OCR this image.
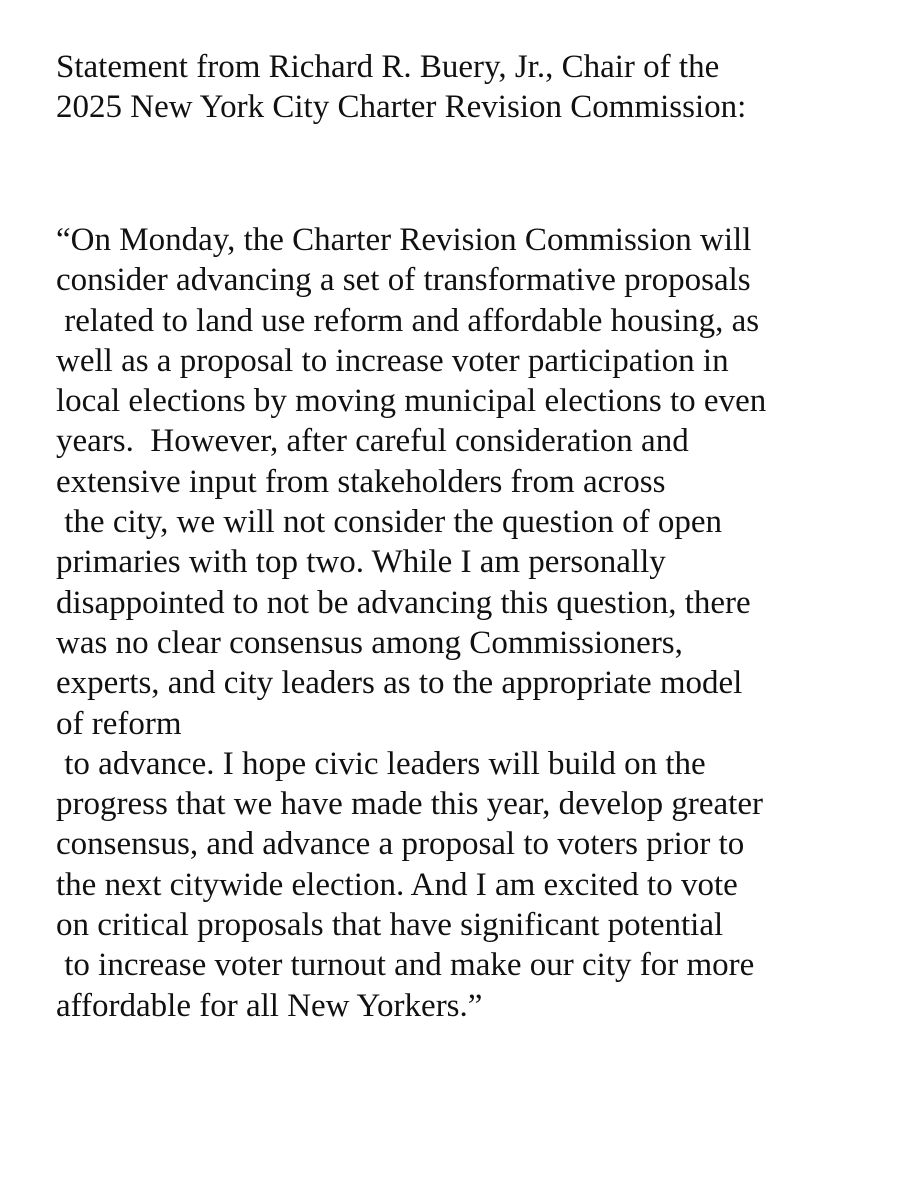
Statement from Richard R. Buery, Jr., Chair of the
2025 New York City Charter Revision Commission:
“On Monday, the Charter Revision Commission will
consider advancing a set of transformative proposals
related to land use reform and affordable housing, as
well as a proposal to increase voter participation in
local elections by moving municipal elections to even
years.  However, after careful consideration and
extensive input from stakeholders from across
the city, we will not consider the question of open
primaries with top two. While I am personally
disappointed to not be advancing this question, there
was no clear consensus among Commissioners,
experts, and city leaders as to the appropriate model
of reform
to advance. I hope civic leaders will build on the
progress that we have made this year, develop greater
consensus, and advance a proposal to voters prior to
the next citywide election. And I am excited to vote
on critical proposals that have significant potential
to increase voter turnout and make our city for more
affordable for all New Yorkers.”
